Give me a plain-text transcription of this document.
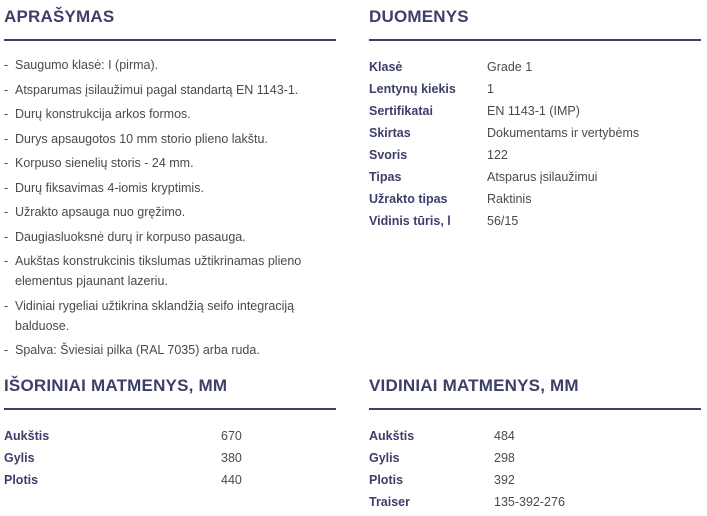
APRAŠYMAS
- Saugumo klasė: I (pirma).
- Atsparumas įsilaužimui pagal standartą EN 1143-1.
- Durų konstrukcija arkos formos.
- Durys apsaugotos 10 mm storio plieno lakštu.
- Korpuso sienelių storis - 24 mm.
- Durų fiksavimas 4-iomis kryptimis.
- Užrakto apsauga nuo gręžimo.
- Daugiasluoksnė durų ir korpuso pasauga.
- Aukštas konstrukcinis tikslumas užtikrinamas plieno elementus pjaunant lazeriu.
- Vidiniai rygeliai užtikrina sklandžią seifo integraciją balduose.
- Spalva: Šviesiai pilka (RAL 7035) arba ruda.
DUOMENYS
Klasė	Grade 1
Lentynų kiekis	1
Sertifikatai	EN 1143-1 (IMP)
Skirtas	Dokumentams ir vertybėms
Svoris	122
Tipas	Atsparus įsilaužimui
Užrakto tipas	Raktinis
Vidinis tūris, l	56/15
IŠORINIAI MATMENYS, MM
Aukštis	670
Gylis	380
Plotis	440
VIDINIAI MATMENYS, MM
Aukštis	484
Gylis	298
Plotis	392
Traiser	135-392-276
